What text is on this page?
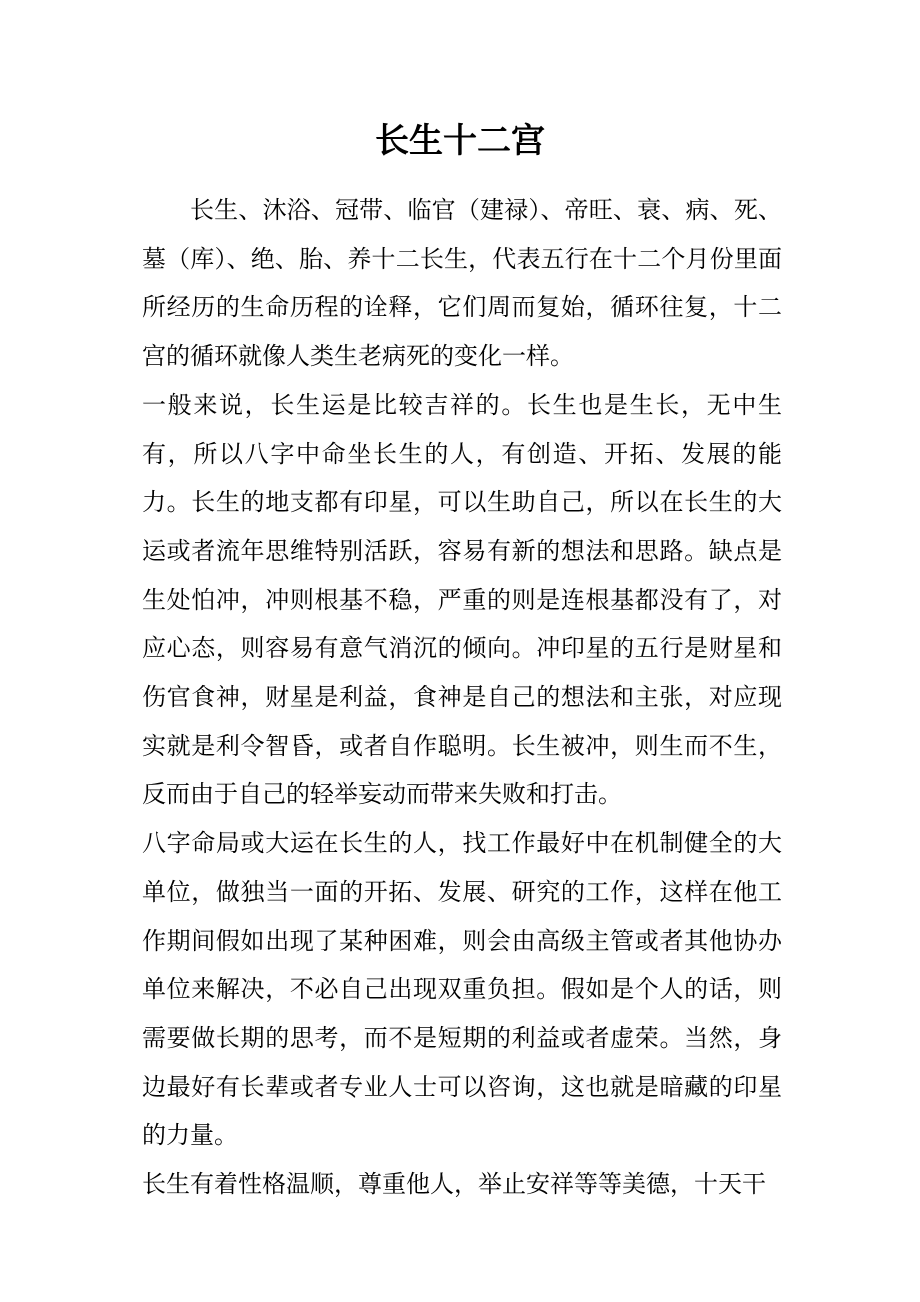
长生十二宫

长生、沐浴、冠带、临官（建禄）、帝旺、衰、病、死、墓（库）、绝、胎、养十二长生，代表五行在十二个月份里面所经历的生命历程的诠释，它们周而复始，循环往复，十二宫的循环就像人类生老病死的变化一样。

一般来说，长生运是比较吉祥的。长生也是生长，无中生有，所以八字中命坐长生的人，有创造、开拓、发展的能力。长生的地支都有印星，可以生助自己，所以在长生的大运或者流年思维特别活跃，容易有新的想法和思路。缺点是生处怕冲，冲则根基不稳，严重的则是连根基都没有了，对应心态，则容易有意气消沉的倾向。冲印星的五行是财星和伤官食神，财星是利益，食神是自己的想法和主张，对应现实就是利令智昏，或者自作聪明。长生被冲，则生而不生，反而由于自己的轻举妄动而带来失败和打击。

八字命局或大运在长生的人，找工作最好中在机制健全的大单位，做独当一面的开拓、发展、研究的工作，这样在他工作期间假如出现了某种困难，则会由高级主管或者其他协办单位来解决，不必自己出现双重负担。假如是个人的话，则需要做长期的思考，而不是短期的利益或者虚荣。当然，身边最好有长辈或者专业人士可以咨询，这也就是暗藏的印星的力量。

长生有着性格温顺，尊重他人，举止安祥等等美德，十天干
